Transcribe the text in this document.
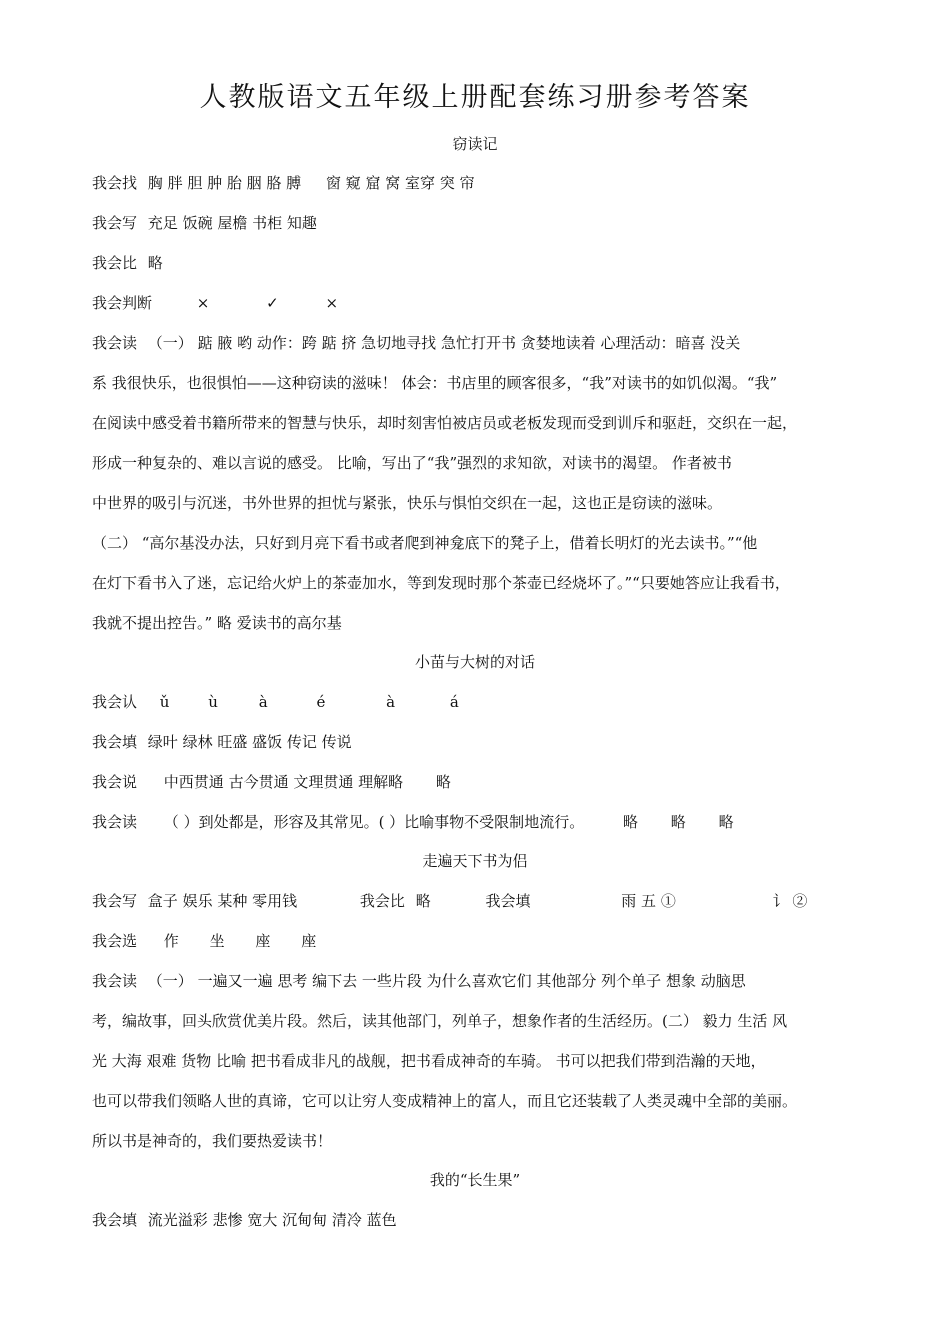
人教版语文五年级上册配套练习册参考答案
窃读记
我会找 胸 胖 胆 肿 胎 胭 胳 膊 窗 窥 窟 窝 室穿 突 帘
我会写 充足 饭碗 屋檐 书柜 知趣
我会比 略
我会判断	×	✓	×
我会读 （一） 踮 腋 哟 动作：跨 踮 挤 急切地寻找 急忙打开书 贪婪地读着 心理活动：暗喜 没关
系 我很快乐，也很惧怕——这种窃读的滋味！ 体会：书店里的顾客很多，“我”对读书的如饥似渴。“我”
在阅读中感受着书籍所带来的智慧与快乐，却时刻害怕被店员或老板发现而受到训斥和驱赶，交织在一起，
形成一种复杂的、难以言说的感受。 比喻，写出了“我”强烈的求知欲，对读书的渴望。 作者被书
中世界的吸引与沉迷，书外世界的担忧与紧张，快乐与惧怕交织在一起，这也正是窃读的滋味。
（二） “高尔基没办法，只好到月亮下看书或者爬到神龛底下的凳子上，借着长明灯的光去读书。”“他
在灯下看书入了迷，忘记给火炉上的茶壶加水，等到发现时那个茶壶已经烧坏了。”“只要她答应让我看书，
我就不提出控告。” 略 爱读书的高尔基
小苗与大树的对话
我会认 ǔ	ù	à	é	à	á
我会填 绿叶 绿林 旺盛 盛饭 传记 传说
我会说 中西贯通 古今贯通 文理贯通 理解略 略
我会读 （ ）到处都是，形容及其常见。( ）比喻事物不受限制地流行。	略 略 略
走遍天下书为侣
我会写 盒子 娱乐 某种 零用钱	我会比 略	我会填	雨 五 ①	讠 ②
我会选 作 坐 座 座
我会读 （一） 一遍又一遍 思考 编下去 一些片段 为什么喜欢它们 其他部分 列个单子 想象 动脑思
考，编故事，回头欣赏优美片段。然后，读其他部门，列单子，想象作者的生活经历。(二） 毅力 生活 风
光 大海 艰难 货物 比喻 把书看成非凡的战舰，把书看成神奇的车骑。 书可以把我们带到浩瀚的天地，
也可以带我们领略人世的真谛，它可以让穷人变成精神上的富人，而且它还装载了人类灵魂中全部的美丽。
所以书是神奇的，我们要热爱读书！
我的“长生果”
我会填 流光溢彩 悲惨 宽大 沉甸甸 清冷 蓝色
